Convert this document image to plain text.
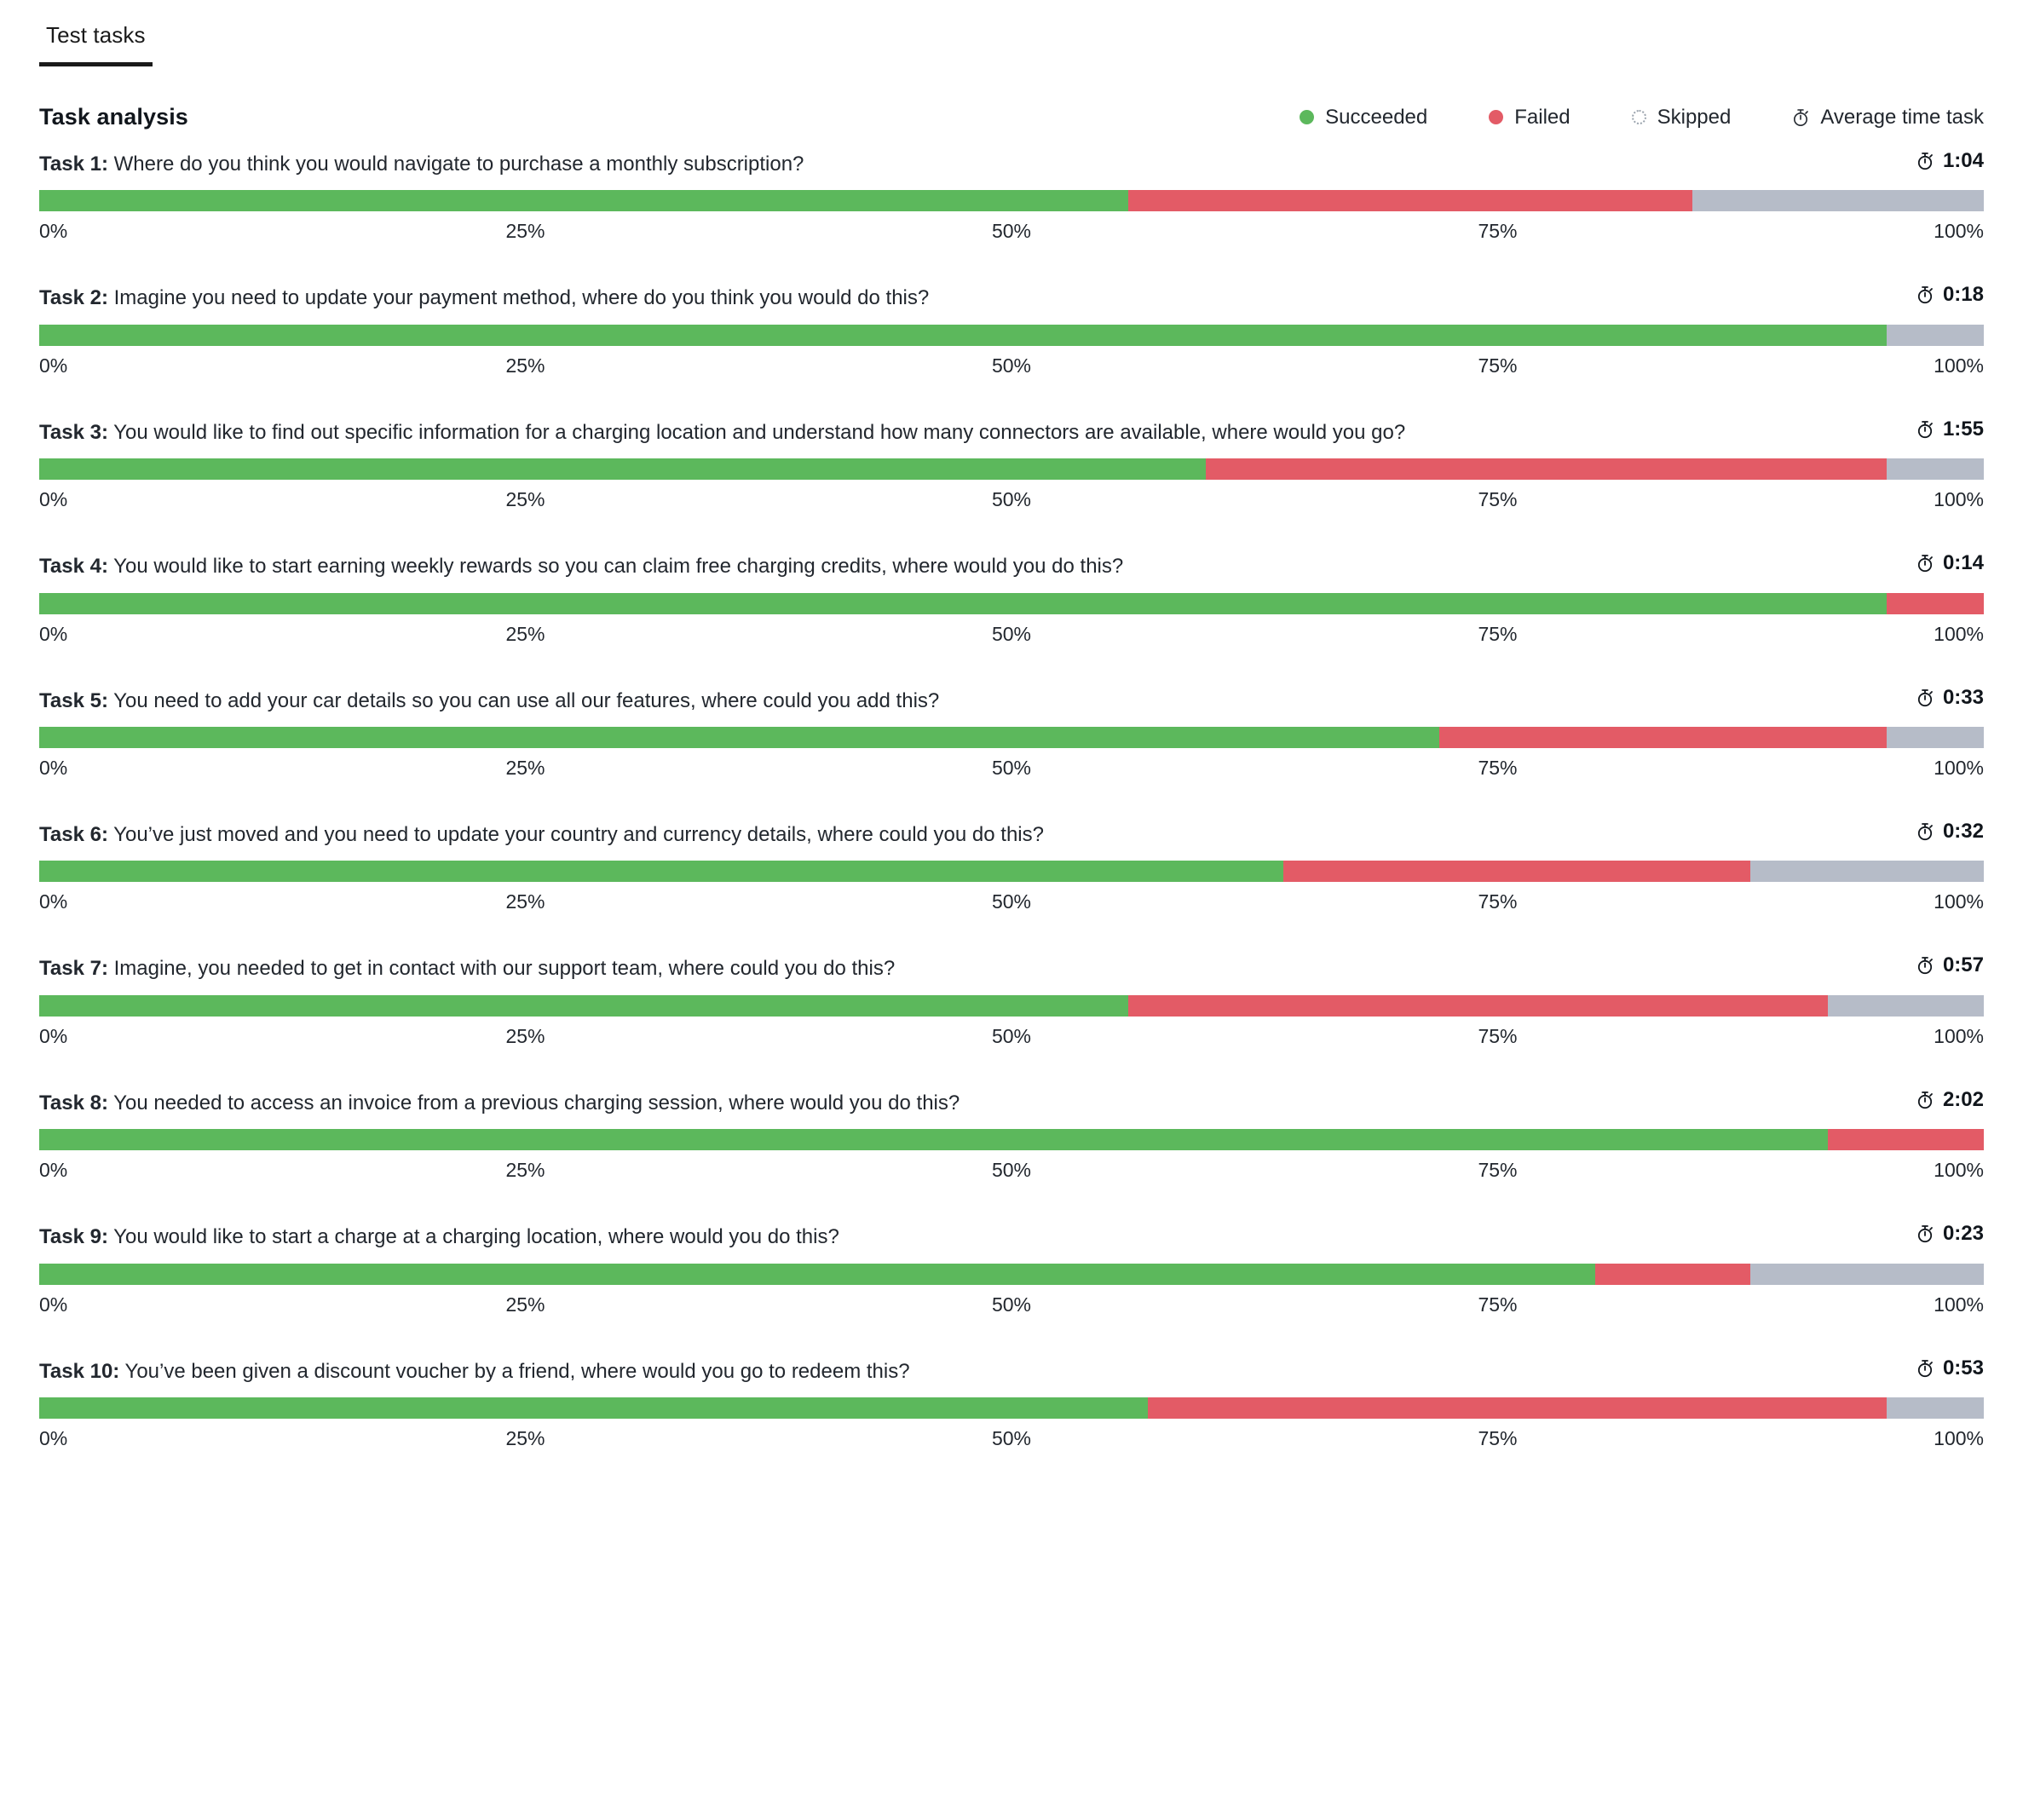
Test tasks
Task analysis	Succeeded	Failed	Skipped	Average time task
Task 1: Where do you think you would navigate to purchase a monthly subscription?	1:04
0%	25%	50%	75%	100%
Task 2: Imagine you need to update your payment method, where do you think you would do this?	0:18
0%	25%	50%	75%	100%
Task 3: You would like to find out specific information for a charging location and understand how many connectors are available, where would you go?	1:55
0%	25%	50%	75%	100%
Task 4: You would like to start earning weekly rewards so you can claim free charging credits, where would you do this?	0:14
0%	25%	50%	75%	100%
Task 5: You need to add your car details so you can use all our features, where could you add this?	0:33
0%	25%	50%	75%	100%
Task 6: You’ve just moved and you need to update your country and currency details, where could you do this?	0:32
0%	25%	50%	75%	100%
Task 7: Imagine, you needed to get in contact with our support team, where could you do this?	0:57
0%	25%	50%	75%	100%
Task 8: You needed to access an invoice from a previous charging session, where would you do this?	2:02
0%	25%	50%	75%	100%
Task 9: You would like to start a charge at a charging location, where would you do this?	0:23
0%	25%	50%	75%	100%
Task 10: You’ve been given a discount voucher by a friend, where would you go to redeem this?	0:53
0%	25%	50%	75%	100%
